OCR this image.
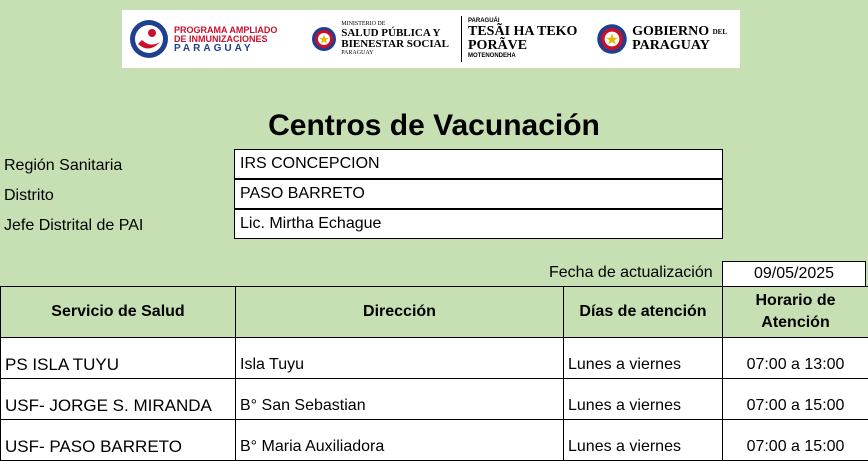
PROGRAMA AMPLIADO
DE INMUNIZACIONES
PARAGUAY
MINISTERIO DE
SALUD PÚBLICA Y
BIENESTAR SOCIAL
PARAGUAY
PARAGUÁI
TESÃI HA TEKO
PORÃVE
MOTENONDEHA
GOBIERNO $^{DEL}$
PARAGUAY
Centros de Vacunación
Región Sanitaria	IRS CONCEPCION
Distrito	PASO BARRETO
Jefe Distrital de PAI	Lic. Mirtha Echague
Fecha de actualización	09/05/2025
Servicio de Salud	Dirección	Días de atención	Horario de Atención
PS ISLA TUYU	Isla Tuyu	Lunes a viernes	07:00 a 13:00
USF- JORGE S. MIRANDA	B° San Sebastian	Lunes a viernes	07:00 a 15:00
USF- PASO BARRETO	B° Maria Auxiliadora	Lunes a viernes	07:00 a 15:00
